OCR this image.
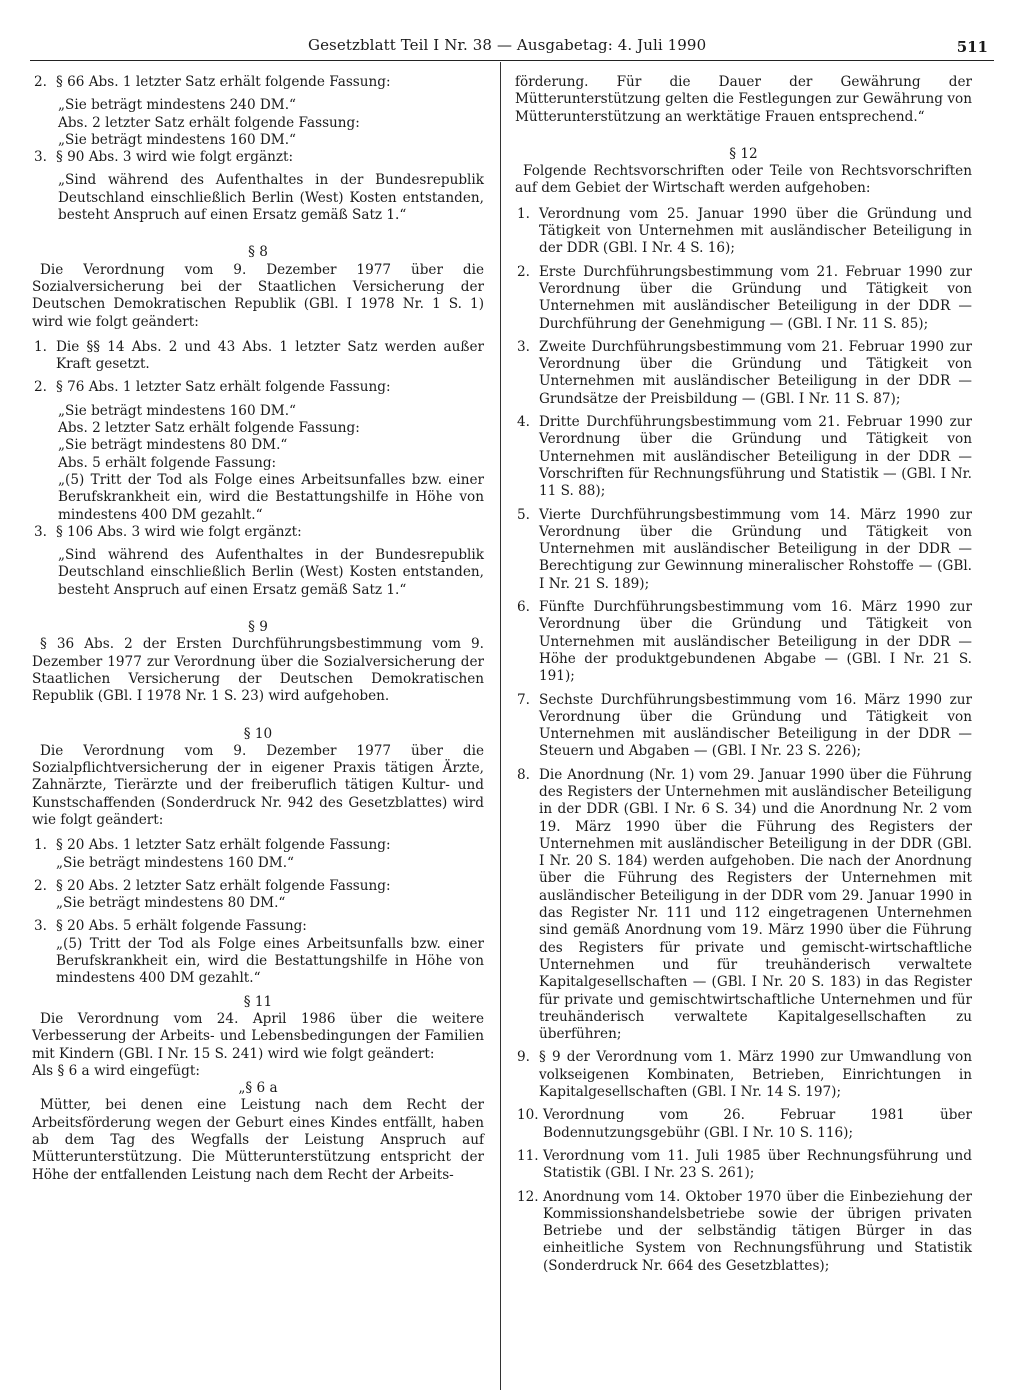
Gesetzblatt Teil I Nr. 38 — Ausgabetag: 4. Juli 1990	511
2. § 66 Abs. 1 letzter Satz erhält folgende Fassung:

„Sie beträgt mindestens 240 DM.“

Abs. 2 letzter Satz erhält folgende Fassung:

„Sie beträgt mindestens 160 DM.“

3. § 90 Abs. 3 wird wie folgt ergänzt:

„Sind während des Aufenthaltes in der Bundesrepublik Deutschland einschließlich Berlin (West) Kosten entstanden, besteht Anspruch auf einen Ersatz gemäß Satz 1.“

§ 8

Die Verordnung vom 9. Dezember 1977 über die Sozialversicherung bei der Staatlichen Versicherung der Deutschen Demokratischen Republik (GBl. I 1978 Nr. 1 S. 1) wird wie folgt geändert:

1. Die §§ 14 Abs. 2 und 43 Abs. 1 letzter Satz werden außer Kraft gesetzt.

2. § 76 Abs. 1 letzter Satz erhält folgende Fassung:

„Sie beträgt mindestens 160 DM.“

Abs. 2 letzter Satz erhält folgende Fassung:

„Sie beträgt mindestens 80 DM.“

Abs. 5 erhält folgende Fassung:

„(5) Tritt der Tod als Folge eines Arbeitsunfalles bzw. einer Berufskrankheit ein, wird die Bestattungshilfe in Höhe von mindestens 400 DM gezahlt.“

3. § 106 Abs. 3 wird wie folgt ergänzt:

„Sind während des Aufenthaltes in der Bundesrepublik Deutschland einschließlich Berlin (West) Kosten entstanden, besteht Anspruch auf einen Ersatz gemäß Satz 1.“

§ 9

§ 36 Abs. 2 der Ersten Durchführungsbestimmung vom 9. Dezember 1977 zur Verordnung über die Sozialversicherung der Staatlichen Versicherung der Deutschen Demokratischen Republik (GBl. I 1978 Nr. 1 S. 23) wird aufgehoben.

§ 10

Die Verordnung vom 9. Dezember 1977 über die Sozialpflichtversicherung der in eigener Praxis tätigen Ärzte, Zahnärzte, Tierärzte und der freiberuflich tätigen Kultur- und Kunstschaffenden (Sonderdruck Nr. 942 des Gesetzblattes) wird wie folgt geändert:

1. § 20 Abs. 1 letzter Satz erhält folgende Fassung:

„Sie beträgt mindestens 160 DM.“

2. § 20 Abs. 2 letzter Satz erhält folgende Fassung:

„Sie beträgt mindestens 80 DM.“

3. § 20 Abs. 5 erhält folgende Fassung:

„(5) Tritt der Tod als Folge eines Arbeitsunfalls bzw. einer Berufskrankheit ein, wird die Bestattungshilfe in Höhe von mindestens 400 DM gezahlt.“

§ 11

Die Verordnung vom 24. April 1986 über die weitere Verbesserung der Arbeits- und Lebensbedingungen der Familien mit Kindern (GBl. I Nr. 15 S. 241) wird wie folgt geändert:

Als § 6 a wird eingefügt:

„§ 6 a

Mütter, bei denen eine Leistung nach dem Recht der Arbeitsförderung wegen der Geburt eines Kindes entfällt, haben ab dem Tag des Wegfalls der Leistung Anspruch auf Mütterunterstützung. Die Mütterunterstützung entspricht der Höhe der entfallenden Leistung nach dem Recht der Arbeits-

förderung. Für die Dauer der Gewährung der Mütterunterstützung gelten die Festlegungen zur Gewährung von Mütterunterstützung an werktätige Frauen entsprechend.“

§ 12

Folgende Rechtsvorschriften oder Teile von Rechtsvorschriften auf dem Gebiet der Wirtschaft werden aufgehoben:

1. Verordnung vom 25. Januar 1990 über die Gründung und Tätigkeit von Unternehmen mit ausländischer Beteiligung in der DDR (GBl. I Nr. 4 S. 16);

2. Erste Durchführungsbestimmung vom 21. Februar 1990 zur Verordnung über die Gründung und Tätigkeit von Unternehmen mit ausländischer Beteiligung in der DDR — Durchführung der Genehmigung — (GBl. I Nr. 11 S. 85);

3. Zweite Durchführungsbestimmung vom 21. Februar 1990 zur Verordnung über die Gründung und Tätigkeit von Unternehmen mit ausländischer Beteiligung in der DDR — Grundsätze der Preisbildung — (GBl. I Nr. 11 S. 87);

4. Dritte Durchführungsbestimmung vom 21. Februar 1990 zur Verordnung über die Gründung und Tätigkeit von Unternehmen mit ausländischer Beteiligung in der DDR — Vorschriften für Rechnungsführung und Statistik — (GBl. I Nr. 11 S. 88);

5. Vierte Durchführungsbestimmung vom 14. März 1990 zur Verordnung über die Gründung und Tätigkeit von Unternehmen mit ausländischer Beteiligung in der DDR — Berechtigung zur Gewinnung mineralischer Rohstoffe — (GBl. I Nr. 21 S. 189);

6. Fünfte Durchführungsbestimmung vom 16. März 1990 zur Verordnung über die Gründung und Tätigkeit von Unternehmen mit ausländischer Beteiligung in der DDR — Höhe der produktgebundenen Abgabe — (GBl. I Nr. 21 S. 191);

7. Sechste Durchführungsbestimmung vom 16. März 1990 zur Verordnung über die Gründung und Tätigkeit von Unternehmen mit ausländischer Beteiligung in der DDR — Steuern und Abgaben — (GBl. I Nr. 23 S. 226);

8. Die Anordnung (Nr. 1) vom 29. Januar 1990 über die Führung des Registers der Unternehmen mit ausländischer Beteiligung in der DDR (GBl. I Nr. 6 S. 34) und die Anordnung Nr. 2 vom 19. März 1990 über die Führung des Registers der Unternehmen mit ausländischer Beteiligung in der DDR (GBl. I Nr. 20 S. 184) werden aufgehoben. Die nach der Anordnung über die Führung des Registers der Unternehmen mit ausländischer Beteiligung in der DDR vom 29. Januar 1990 in das Register Nr. 111 und 112 eingetragenen Unternehmen sind gemäß Anordnung vom 19. März 1990 über die Führung des Registers für private und gemischt-wirtschaftliche Unternehmen und für treuhänderisch verwaltete Kapitalgesellschaften — (GBl. I Nr. 20 S. 183) in das Register für private und gemischtwirtschaftliche Unternehmen und für treuhänderisch verwaltete Kapitalgesellschaften zu überführen;

9. § 9 der Verordnung vom 1. März 1990 zur Umwandlung von volkseigenen Kombinaten, Betrieben, Einrichtungen in Kapitalgesellschaften (GBl. I Nr. 14 S. 197);

10. Verordnung vom 26. Februar 1981 über Bodennutzungsgebühr (GBl. I Nr. 10 S. 116);

11. Verordnung vom 11. Juli 1985 über Rechnungsführung und Statistik (GBl. I Nr. 23 S. 261);

12. Anordnung vom 14. Oktober 1970 über die Einbeziehung der Kommissionshandelsbetriebe sowie der übrigen privaten Betriebe und der selbständig tätigen Bürger in das einheitliche System von Rechnungsführung und Statistik (Sonderdruck Nr. 664 des Gesetzblattes);
